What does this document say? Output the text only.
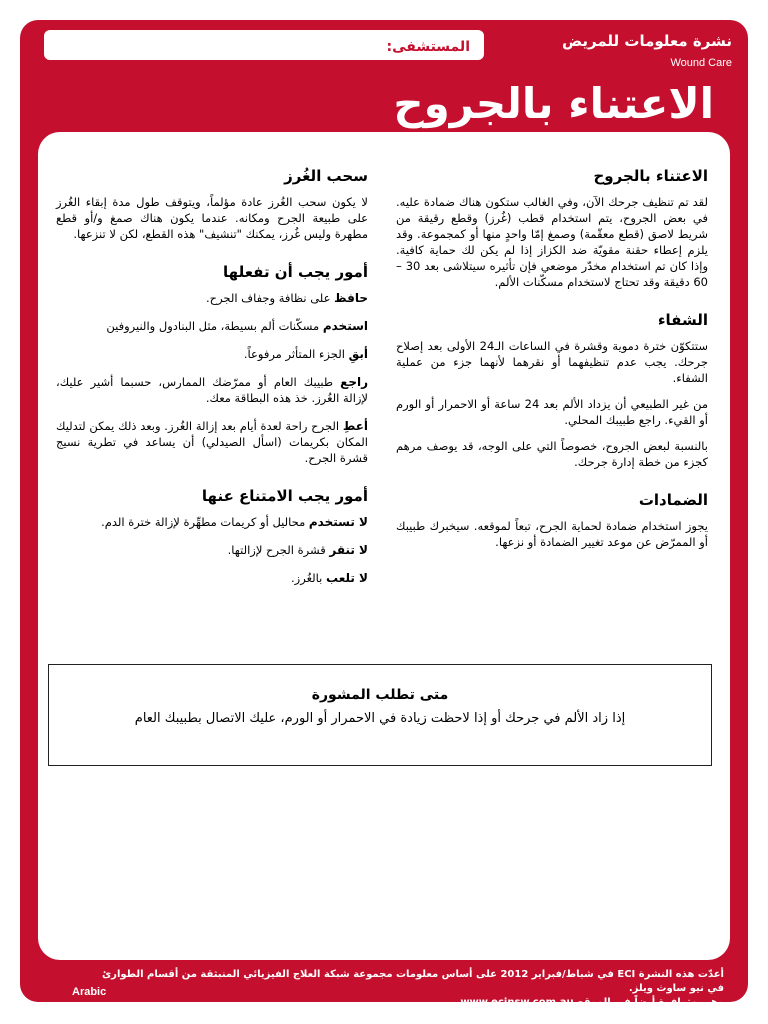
المستشفى:	نشرة معلومات للمريض
Wound Care
الاعتناء بالجروح
الاعتناء بالجروح

لقد تم تنظيف جرحك الآن، وفي الغالب ستكون هناك ضمادة عليه. في بعض الجروح، يتم استخدام قطب (غُرز) وقطع رقيقة من شريط لاصق (قطع معقّمة) وصمغ إمّا واحدٍ منها أو كمجموعة. وقد يلزم إعطاء حقنة مقويّة ضد الكزاز إذا لم يكن لك حماية كافية. وإذا كان تم استخدام مخدّر موضعي فإن تأثيره سيتلاشى بعد 30 – 60 دقيقة وقد تحتاج لاستخدام مسكّنات الألم.

الشفاء

ستتكوّن خترة دموية وقشرة في الساعات الـ24 الأولى بعد إصلاح جرحك. يجب عدم تنظيفهما أو نقرهما لأنهما جزء من عملية الشفاء.

من غير الطبيعي أن يزداد الألم بعد 24 ساعة أو الاحمرار أو الورم أو القيء. راجع طبيبك المحلي.

بالنسبة لبعض الجروح، خصوصاً التي على الوجه، قد يوصف مرهم كجزء من خطة إدارة جرحك.

الضمادات

يجوز استخدام ضمادة لحماية الجرح، تبعاً لموقعه. سيخبرك طبيبك أو الممرّض عن موعد تغيير الضمادة أو نزعها.

سحب الغُرز

لا يكون سحب الغُرز عادة مؤلماً، ويتوقف طول مدة إبقاء الغُرز على طبيعة الجرح ومكانه. عندما يكون هناك صمغ و/أو قطع مطهرة وليس غُرز، يمكنك "تنشيف" هذه القطع، لكن لا تنزعها.

أمور يجب أن تفعلها

حافظ على نظافة وجفاف الجرح.

استخدم مسكّنات ألم بسيطة، مثل البنادول والنيروفين

أبقِ الجزء المتأثر مرفوعاً.

راجع طبيبك العام أو ممرّضك الممارس، حسبما أشير عليك، لإزالة الغُرز. خذ هذه البطاقة معك.

أعطِ الجرح راحة لعدة أيام بعد إزالة الغُرز. وبعد ذلك يمكن لتدليك المكان بكريمات (اسأل الصيدلي) أن يساعد في تطرية نسيج قشرة الجرح.

أمور يجب الامتناع عنها

لا تستخدم محاليل أو كريمات مطهِّرة لإزالة خترة الدم.

لا تنقر قشرة الجرح لإزالتها.

لا تلعب بالغُرز.

متى تطلب المشورة
إذا زاد الألم في جرحك أو إذا لاحظت زيادة في الاحمرار أو الورم، عليك الاتصال بطبيبك العام
أعدّت هذه النشرة ECI في شباط/فبراير 2012 على أساس معلومات مجموعة شبكة العلاج الفيزيائي المنبثقة من أقسام الطوارئ في نيو ساوث ويلز.
وهي متوافرة أيضاً في الموقع www.ecinsw.com.au
Arabic
